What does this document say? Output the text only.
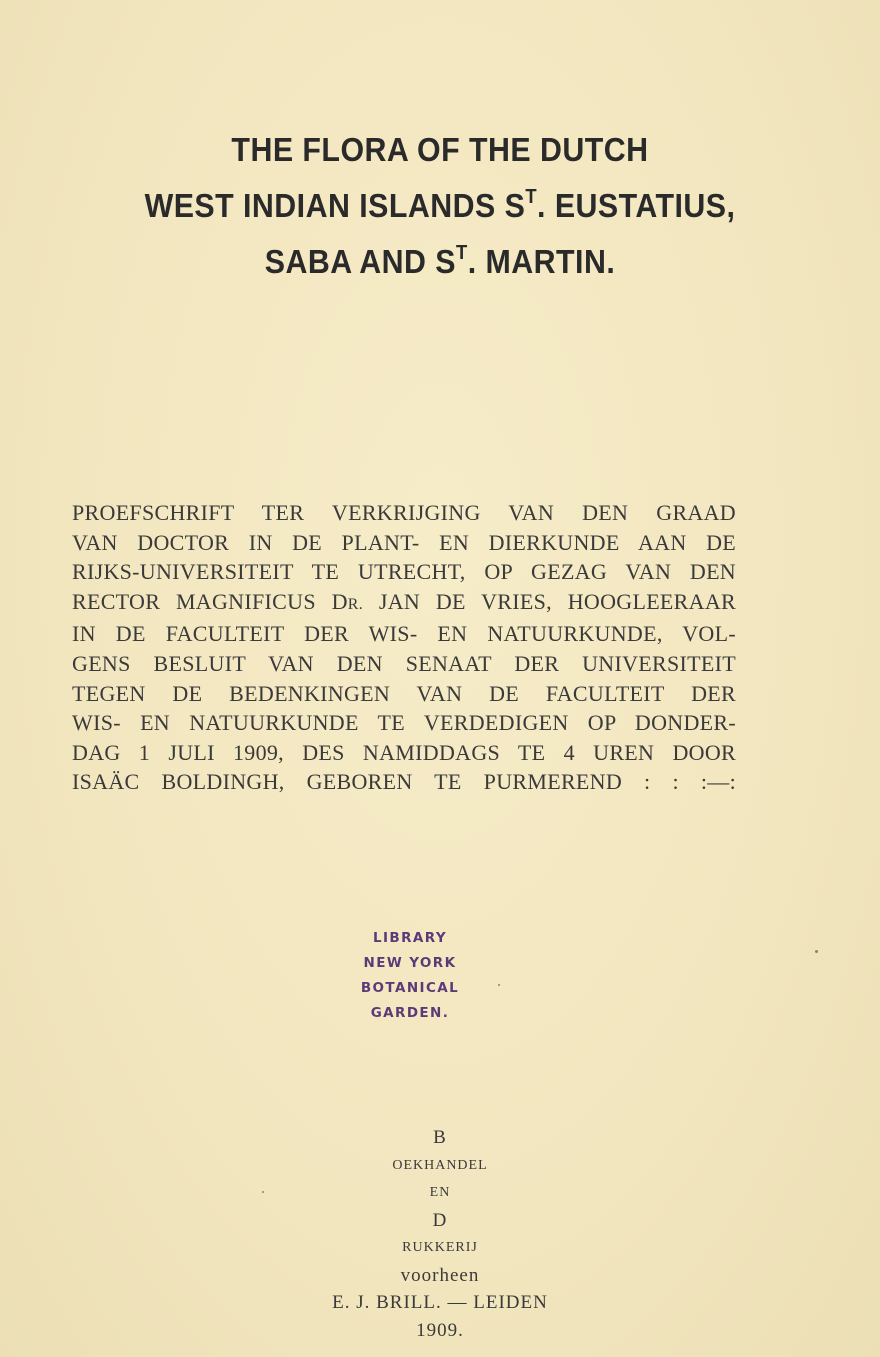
THE FLORA OF THE DUTCH
WEST INDIAN ISLANDS $S^T$. EUSTATIUS,
SABA AND $S^T$. MARTIN.
PROEFSCHRIFT TER VERKRIJGING VAN DEN GRAAD
VAN DOCTOR IN DE PLANT- EN DIERKUNDE AAN DE
RIJKS-UNIVERSITEIT TE UTRECHT, OP GEZAG VAN DEN
RECTOR MAGNIFICUS DR. JAN DE VRIES, HOOGLEERAAR
IN DE FACULTEIT DER WIS- EN NATUURKUNDE, VOL-
GENS BESLUIT VAN DEN SENAAT DER UNIVERSITEIT
TEGEN DE BEDENKINGEN VAN DE FACULTEIT DER
WIS- EN NATUURKUNDE TE VERDEDIGEN OP DONDER-
DAG 1 JULI 1909, DES NAMIDDAGS TE 4 UREN DOOR
ISAÄC BOLDINGH, GEBOREN TE PURMEREND : : :—:
LIBRARY
NEW YORK
BOTANICAL
GARDEN.
B
OEKHANDEL
EN
D
RUKKERIJ
voorheen
E. J. BRILL. — LEIDEN
1909.
